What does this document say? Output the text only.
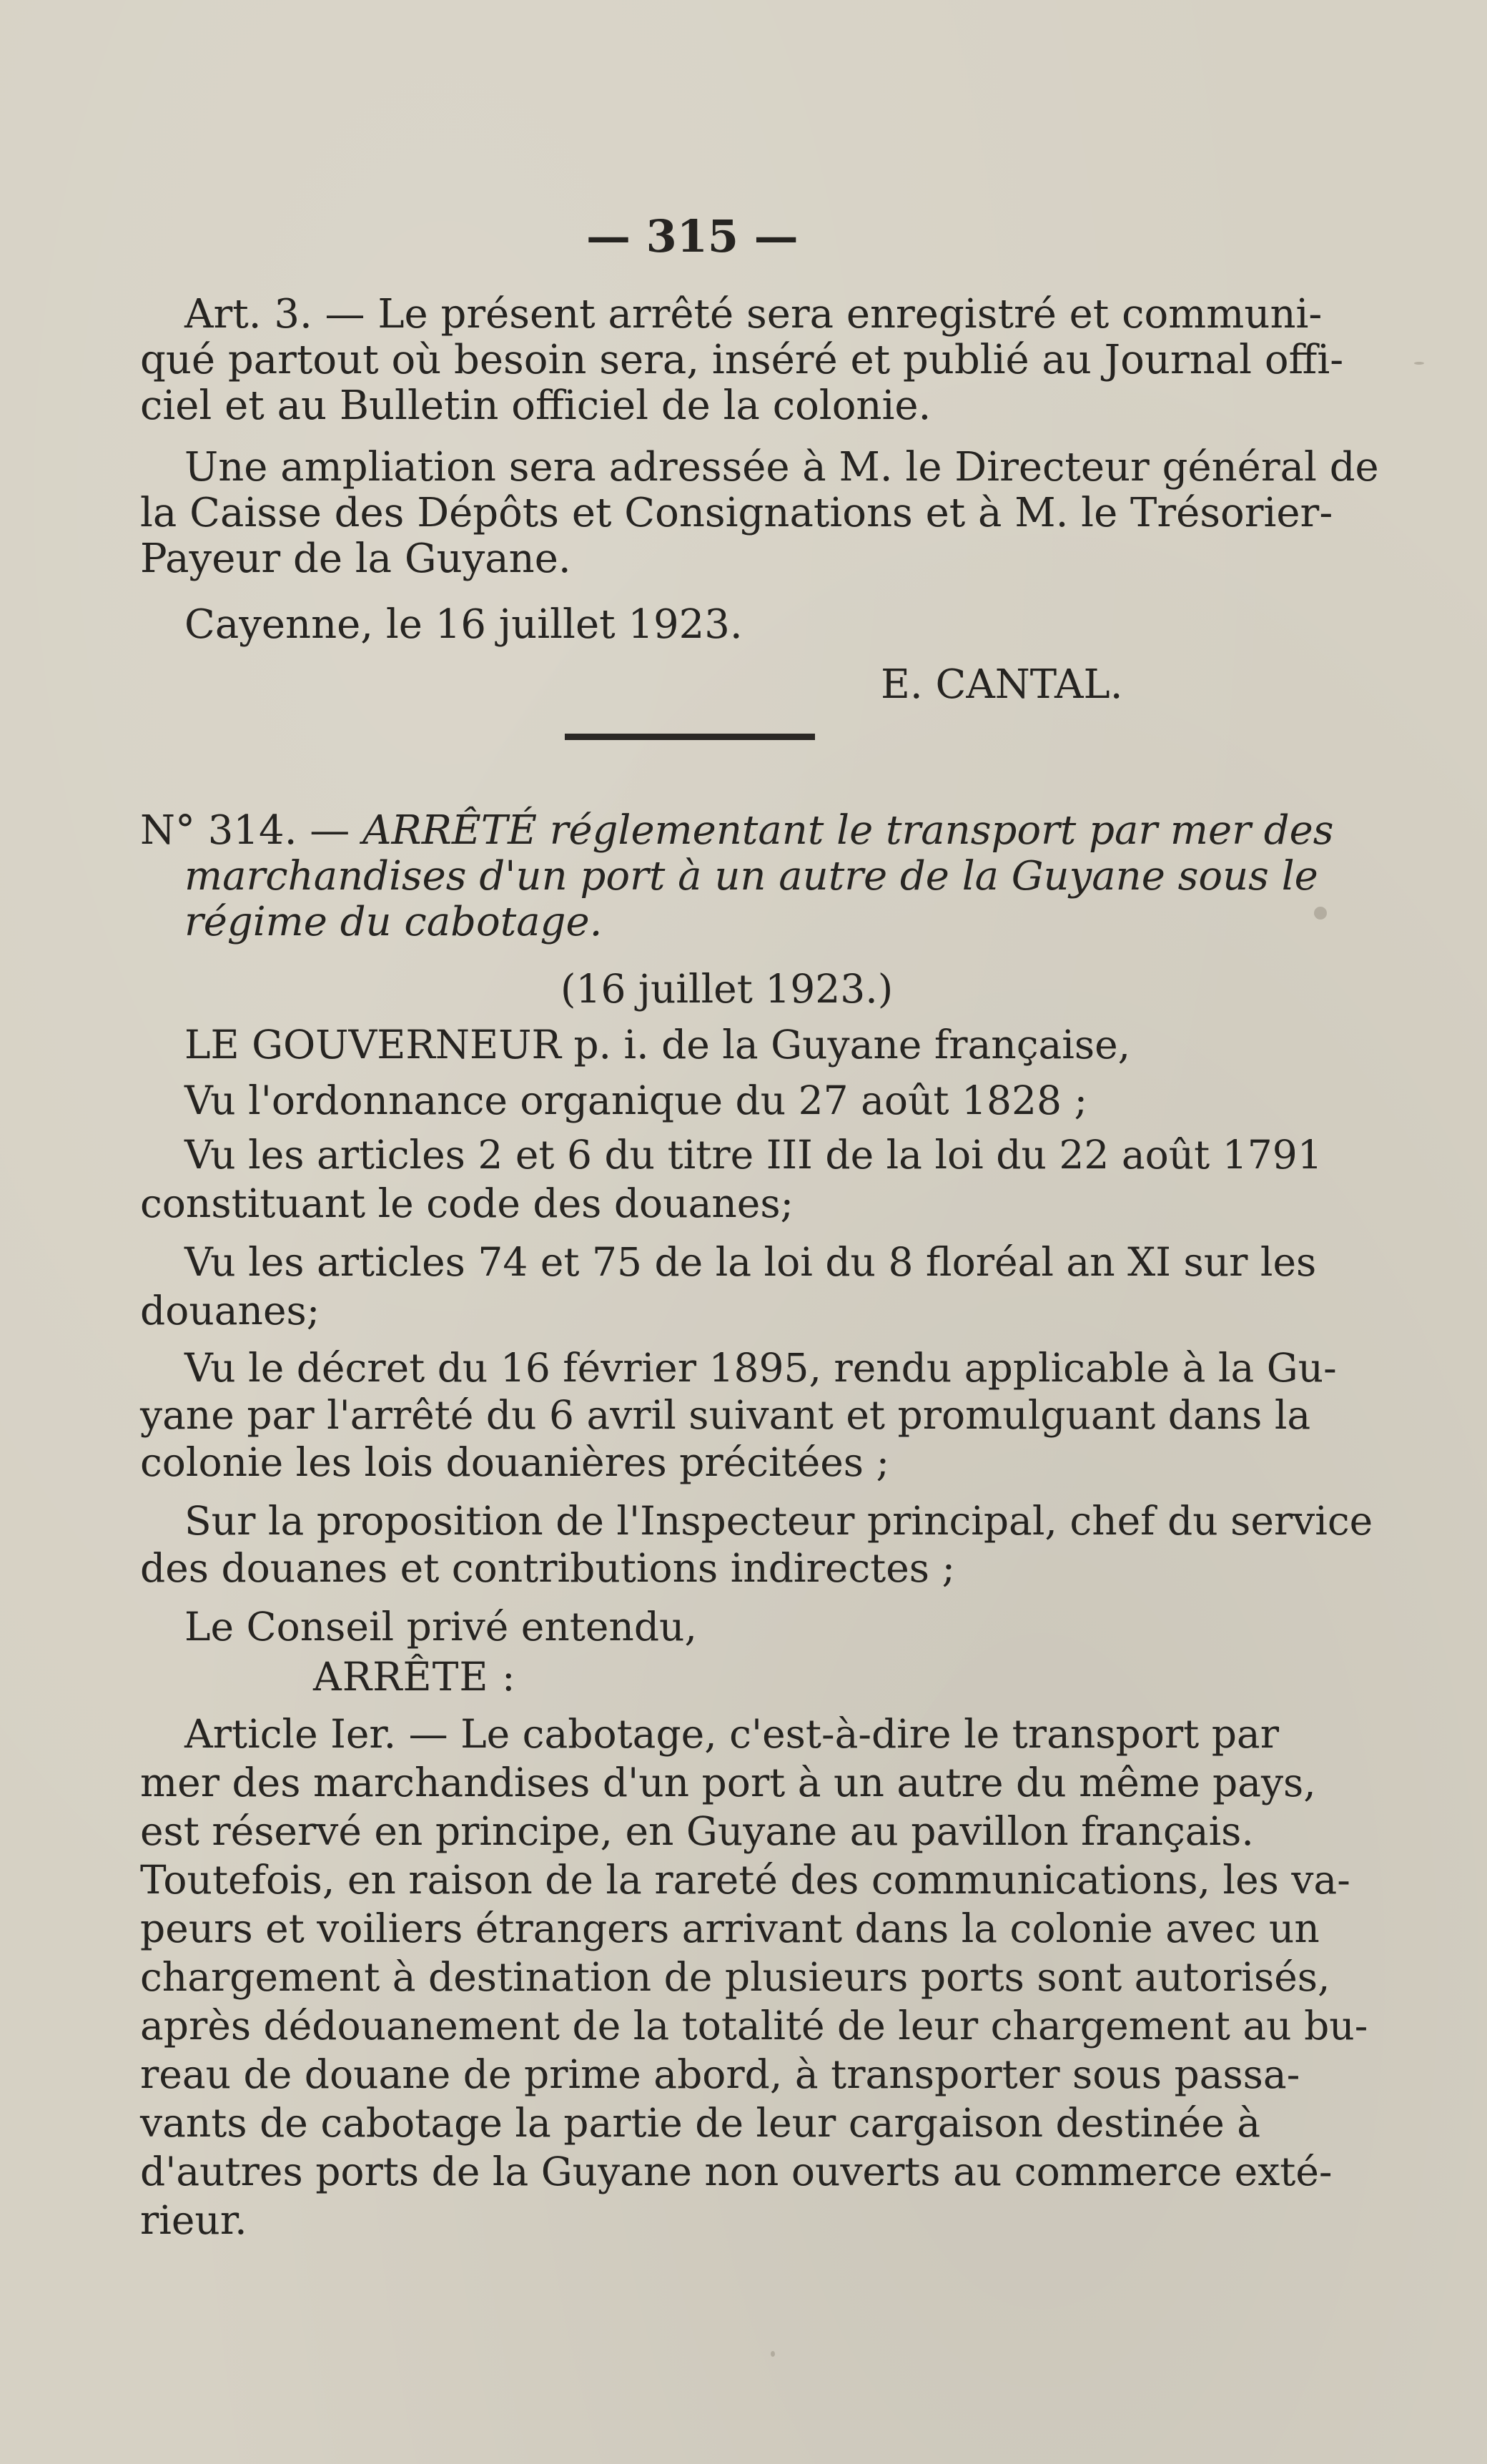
— 315 —
Art. 3. — Le présent arrêté sera enregistré et communi-
qué partout où besoin sera, inséré et publié au Journal offi-
ciel et au Bulletin officiel de la colonie.
Une ampliation sera adressée à M. le Directeur général de
la Caisse des Dépôts et Consignations et à M. le Trésorier-
Payeur de la Guyane.
Cayenne, le 16 juillet 1923.
E. CANTAL.
N° 314. — ARRÊTÉ réglementant le transport par mer des
marchandises d'un port à un autre de la Guyane sous le
régime du cabotage.
(16 juillet 1923.)
LE GOUVERNEUR p. i. de la Guyane française,
Vu l'ordonnance organique du 27 août 1828 ;
Vu les articles 2 et 6 du titre III de la loi du 22 août 1791
constituant le code des douanes;
Vu les articles 74 et 75 de la loi du 8 floréal an XI sur les
douanes;
Vu le décret du 16 février 1895, rendu applicable à la Gu-
yane par l'arrêté du 6 avril suivant et promulguant dans la
colonie les lois douanières précitées ;
Sur la proposition de l'Inspecteur principal, chef du service
des douanes et contributions indirectes ;
Le Conseil privé entendu,
ARRÊTE :
Article Ier. — Le cabotage, c'est-à-dire le transport par
mer des marchandises d'un port à un autre du même pays,
est réservé en principe, en Guyane au pavillon français.
Toutefois, en raison de la rareté des communications, les va-
peurs et voiliers étrangers arrivant dans la colonie avec un
chargement à destination de plusieurs ports sont autorisés,
après dédouanement de la totalité de leur chargement au bu-
reau de douane de prime abord, à transporter sous passa-
vants de cabotage la partie de leur cargaison destinée à
d'autres ports de la Guyane non ouverts au commerce exté-
rieur.
